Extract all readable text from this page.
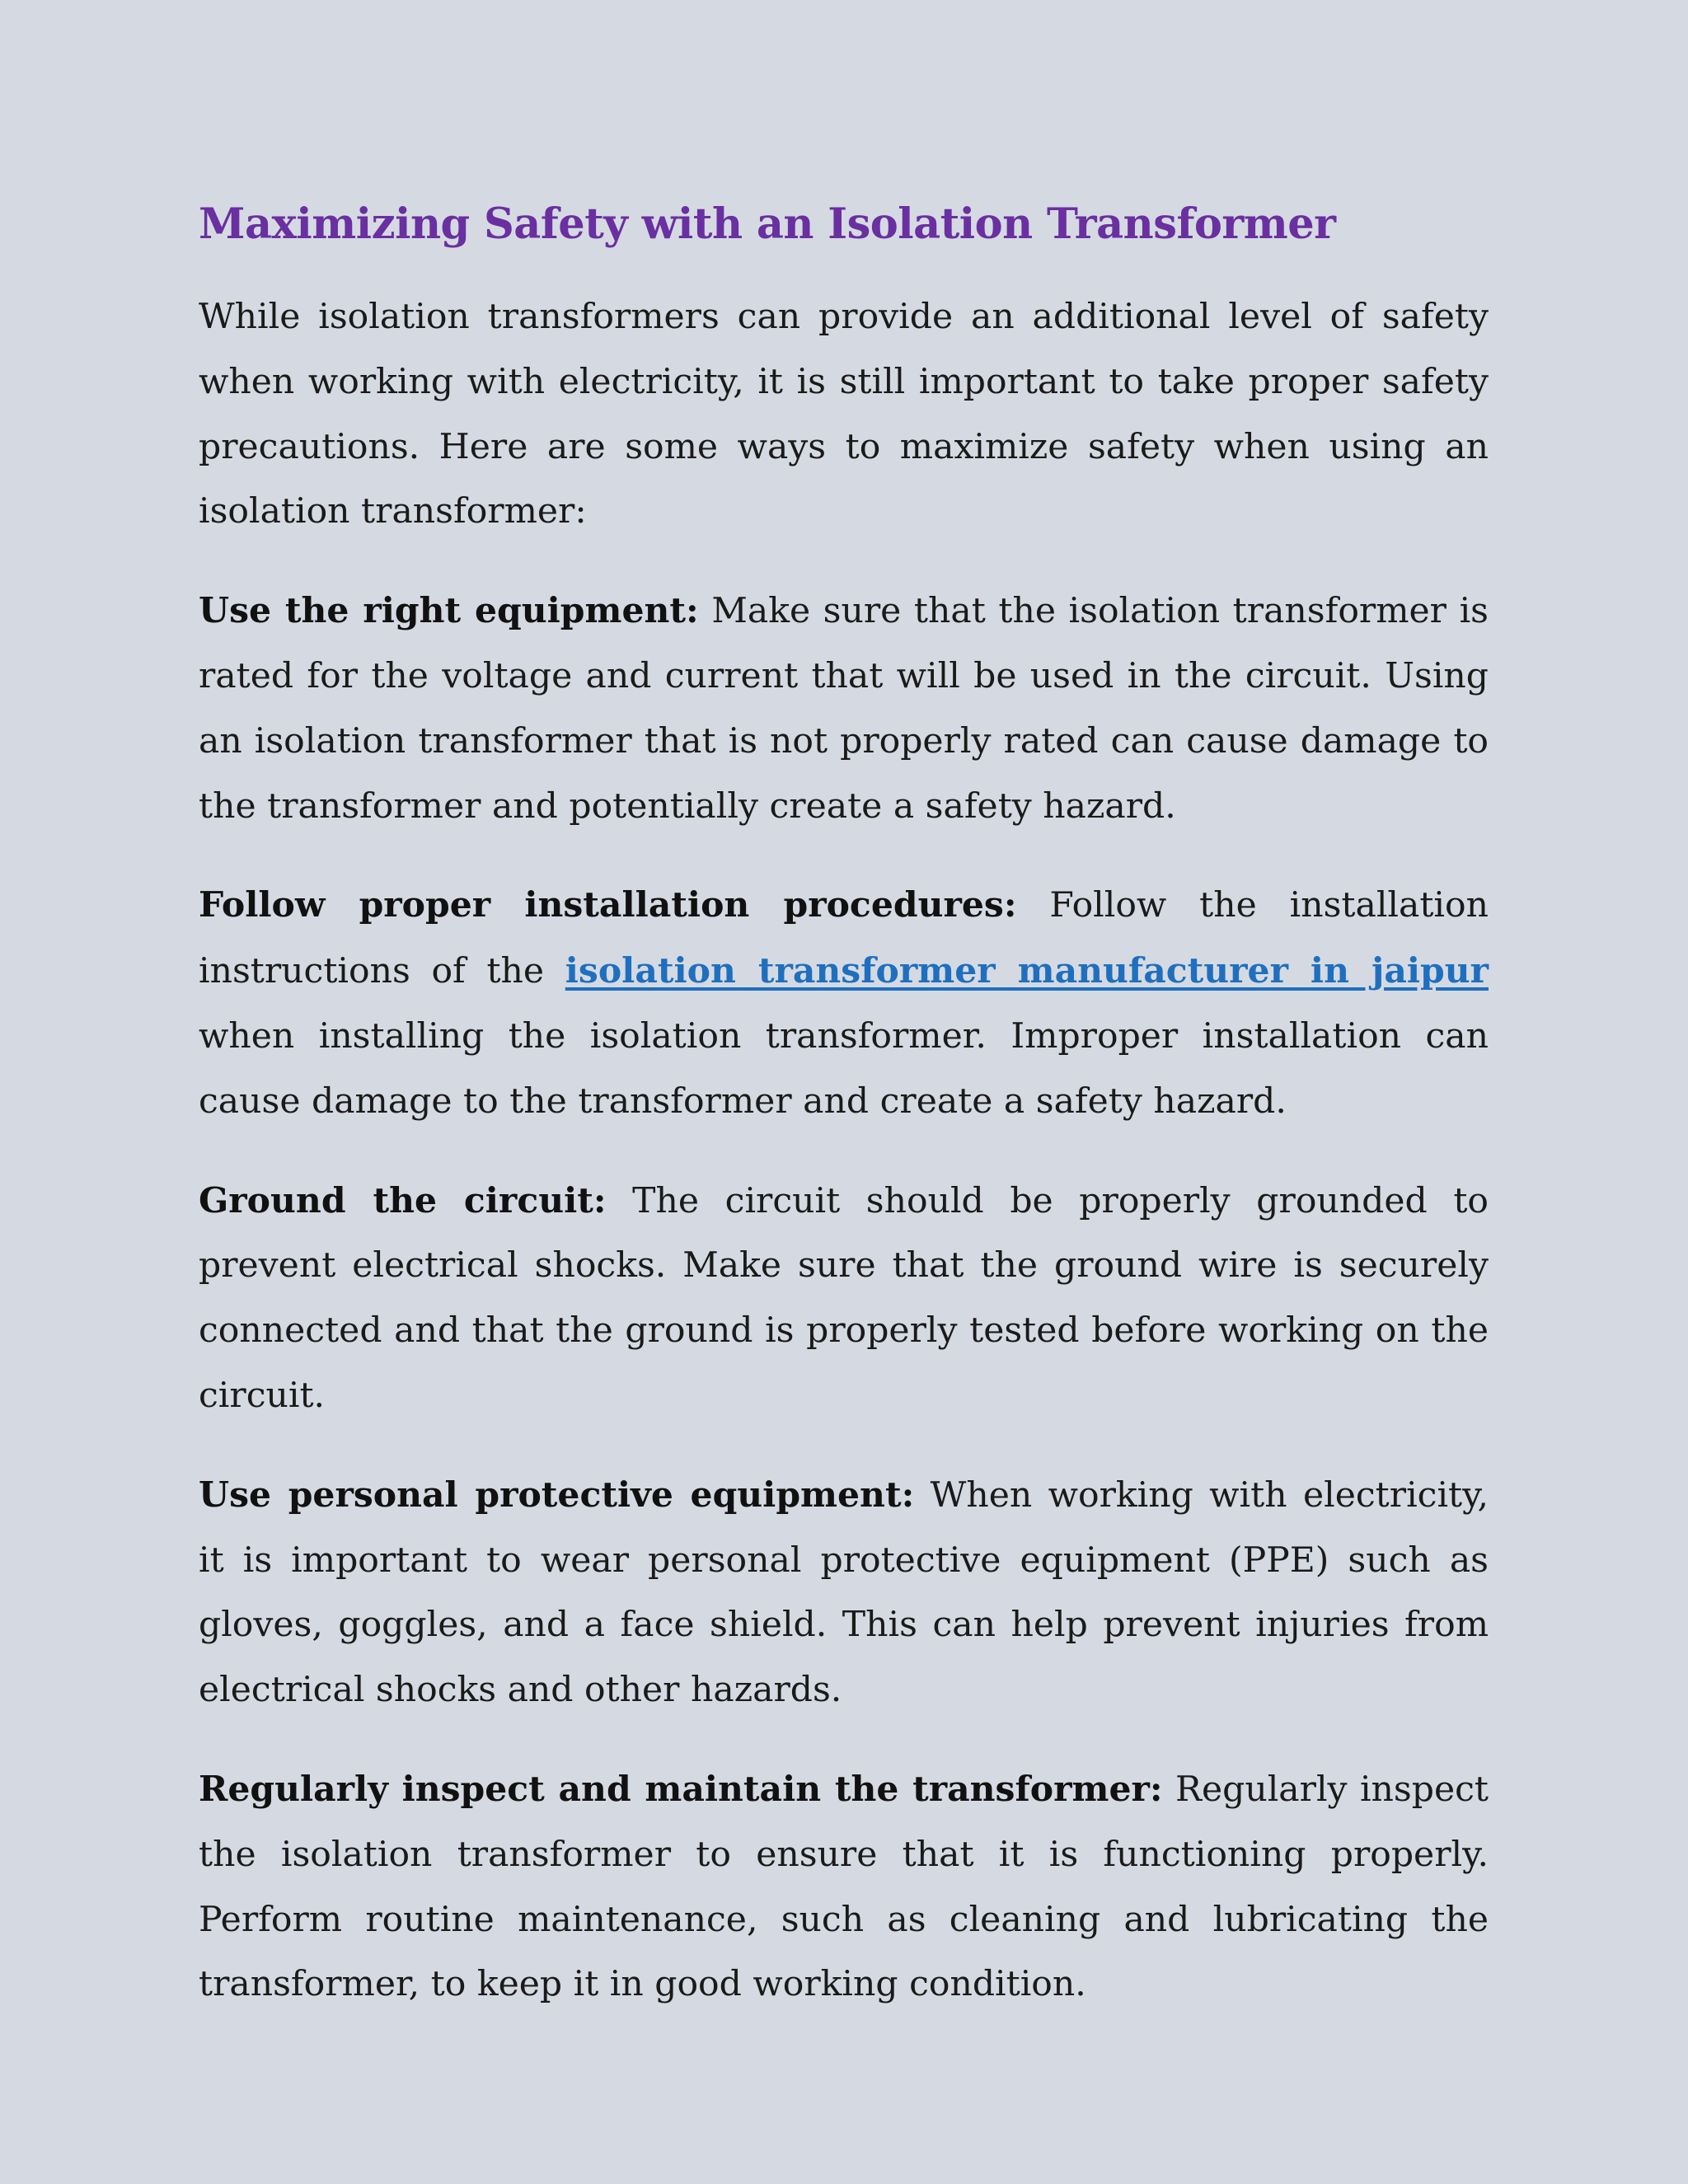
Maximizing Safety with an Isolation Transformer

While isolation transformers can provide an additional level of safety when working with electricity, it is still important to take proper safety precautions. Here are some ways to maximize safety when using an isolation transformer:

Use the right equipment: Make sure that the isolation transformer is rated for the voltage and current that will be used in the circuit. Using an isolation transformer that is not properly rated can cause damage to the transformer and potentially create a safety hazard.

Follow proper installation procedures: Follow the installation instructions of the isolation transformer manufacturer in jaipur when installing the isolation transformer. Improper installation can cause damage to the transformer and create a safety hazard.

Ground the circuit: The circuit should be properly grounded to prevent electrical shocks. Make sure that the ground wire is securely connected and that the ground is properly tested before working on the circuit.

Use personal protective equipment: When working with electricity, it is important to wear personal protective equipment (PPE) such as gloves, goggles, and a face shield. This can help prevent injuries from electrical shocks and other hazards.

Regularly inspect and maintain the transformer: Regularly inspect the isolation transformer to ensure that it is functioning properly. Perform routine maintenance, such as cleaning and lubricating the transformer, to keep it in good working condition.
